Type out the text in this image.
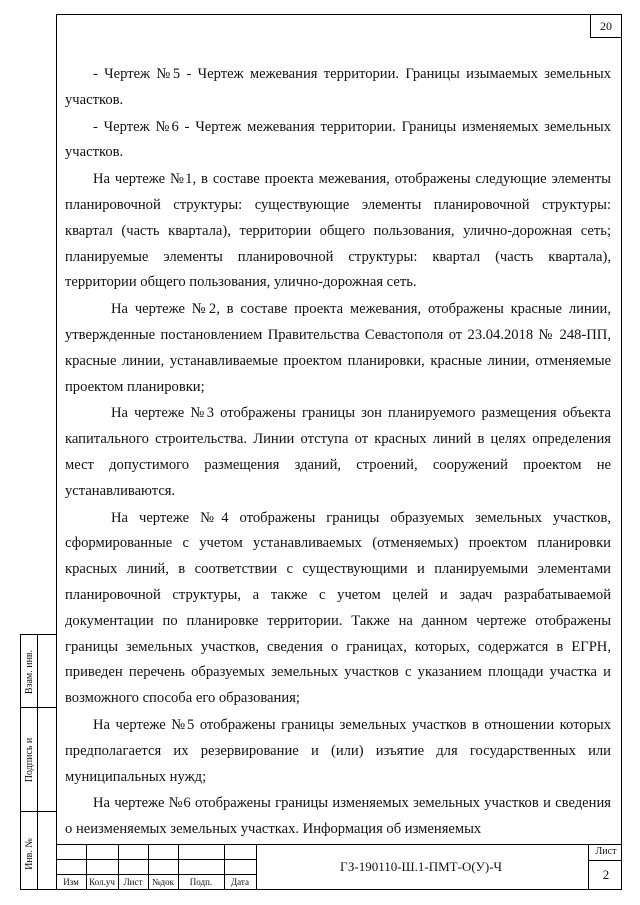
20

- Чертеж №5 - Чертеж межевания территории. Границы изымаемых земельных участков.

- Чертеж №6 - Чертеж межевания территории. Границы изменяемых земельных участков.

На чертеже №1, в составе проекта межевания, отображены следующие элементы планировочной структуры: существующие элементы планировочной структуры: квартал (часть квартала), территории общего пользования, улично-дорожная сеть; планируемые элементы планировочной структуры: квартал (часть квартала), территории общего пользования, улично-дорожная сеть.

На чертеже №2, в составе проекта межевания, отображены красные линии, утвержденные постановлением Правительства Севастополя от 23.04.2018 № 248-ПП, красные линии, устанавливаемые проектом планировки, красные линии, отменяемые проектом планировки;

На чертеже №3 отображены границы зон планируемого размещения объекта капитального строительства. Линии отступа от красных линий в целях определения мест допустимого размещения зданий, строений, сооружений проектом не устанавливаются.

На чертеже №4 отображены границы образуемых земельных участков, сформированные с учетом устанавливаемых (отменяемых) проектом планировки красных линий, в соответствии с существующими и планируемыми элементами планировочной структуры, а также с учетом целей и задач разрабатываемой документации по планировке территории. Также на данном чертеже отображены границы земельных участков, сведения о границах, которых, содержатся в ЕГРН, приведен перечень образуемых земельных участков с указанием площади участка и возможного способа его образования;

На чертеже №5 отображены границы земельных участков в отношении которых предполагается их резервирование и (или) изъятие для государственных или муниципальных нужд;

На чертеже №6 отображены границы изменяемых земельных участков и сведения о неизменяемых земельных участках. Информация об изменяемых

Взам. инв.
Подпись и
Инв. №
Изм	Кол.уч Лист	№док	Подп.	Дата
ГЗ-190110-Ш.1-ПМТ-О(У)-Ч
Лист
2
